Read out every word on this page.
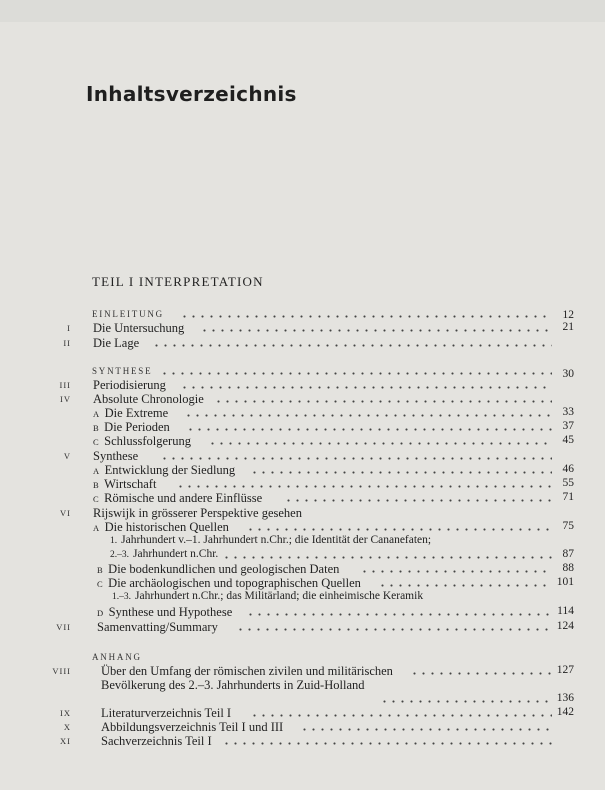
Inhaltsverzeichnis
TEIL I INTERPRETATION
EINLEITUNG	12
I Die Untersuchung	21
II Die Lage
SYNTHESE	30
III Periodisierung
IV Absolute Chronologie
A Die Extreme	33
B Die Perioden	37
C Schlussfolgerung	45
V Synthese
A Entwicklung der Siedlung	46
B Wirtschaft	55
C Römische und andere Einflüsse	71
VI Rijswijk in grösserer Perspektive gesehen
A Die historischen Quellen	75
1. Jahrhundert v.–1. Jahrhundert n.Chr.; die Identität der Cananefaten;
2.–3. Jahrhundert n.Chr.	87
B Die bodenkundlichen und geologischen Daten	88
C Die archäologischen und topographischen Quellen	101
1.–3. Jahrhundert n.Chr.; das Militärland; die einheimische Keramik
D Synthese und Hypothese	114
VII Samenvatting/Summary	124
ANHANG
VIII Über den Umfang der römischen zivilen und militärischen	127
Bevölkerung des 2.–3. Jahrhunderts in Zuid-Holland
136
IX Literaturverzeichnis Teil I	142
X Abbildungsverzeichnis Teil I und III
XI Sachverzeichnis Teil I
